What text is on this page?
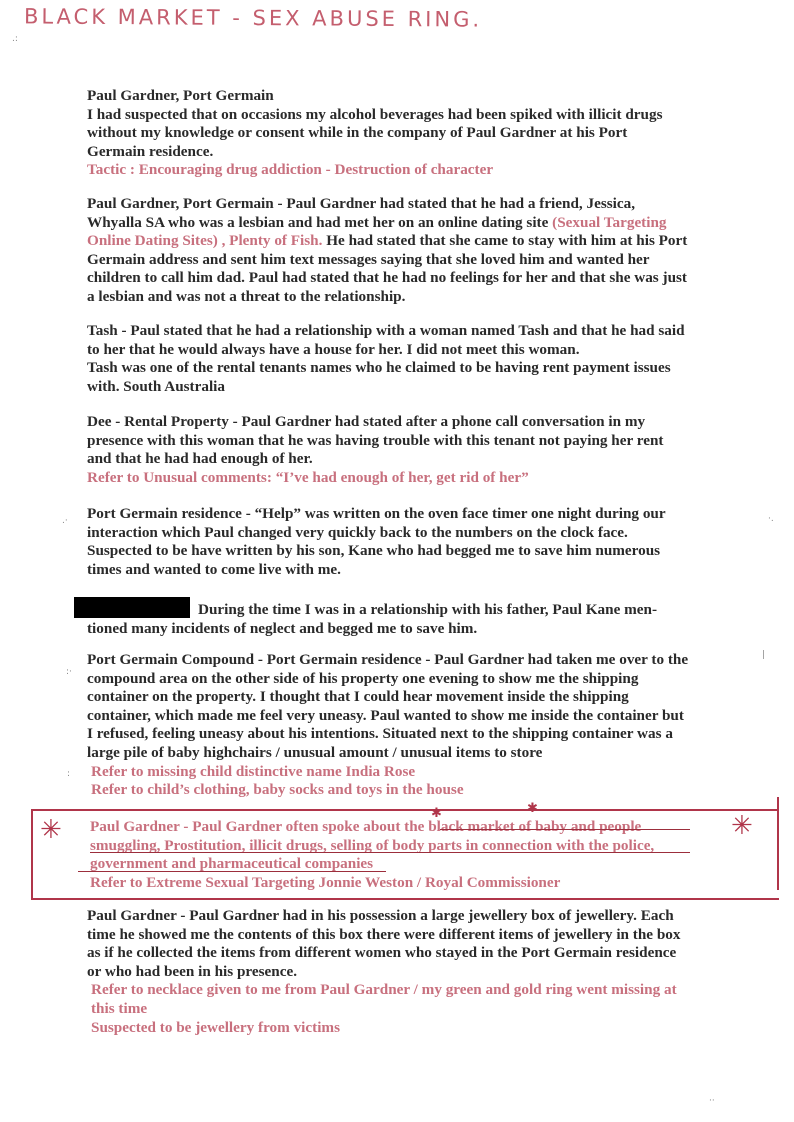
BLACK MARKET - SEX ABUSE RING.
Paul Gardner, Port Germain
I had suspected that on occasions my alcohol beverages had been spiked with illicit drugs
without my knowledge or consent while in the company of Paul Gardner at his Port
Germain residence.
Tactic : Encouraging drug addiction - Destruction of character
Paul Gardner, Port Germain - Paul Gardner had stated that he had a friend, Jessica,
Whyalla SA who was a lesbian and had met her on an online dating site (Sexual Targeting
Online Dating Sites) , Plenty of Fish. He had stated that she came to stay with him at his Port
Germain address and sent him text messages saying that she loved him and wanted her
children to call him dad. Paul had stated that he had no feelings for her and that she was just
a lesbian and was not a threat to the relationship.
Tash - Paul stated that he had a relationship with a woman named Tash and that he had said
to her that he would always have a house for her. I did not meet this woman.
Tash was one of the rental tenants names who he claimed to be having rent payment issues
with. South Australia
Dee - Rental Property - Paul Gardner had stated after a phone call conversation in my
presence with this woman that he was having trouble with this tenant not paying her rent
and that he had had enough of her.
Refer to Unusual comments: “I’ve had enough of her, get rid of her”
Port Germain residence - “Help” was written on the oven face timer one night during our
interaction which Paul changed very quickly back to the numbers on the clock face.
Suspected to be have written by his son, Kane who had begged me to save him numerous
times and wanted to come live with me.
During the time I was in a relationship with his father, Paul Kane men-
tioned many incidents of neglect and begged me to save him.
Port Germain Compound - Port Germain residence - Paul Gardner had taken me over to the
compound area on the other side of his property one evening to show me the shipping
container on the property. I thought that I could hear movement inside the shipping
container, which made me feel very uneasy. Paul wanted to show me inside the container but
I refused, feeling uneasy about his intentions. Situated next to the shipping container was a
large pile of baby highchairs / unusual amount / unusual items to store
Refer to missing child distinctive name India Rose
Refer to child’s clothing, baby socks and toys in the house
Paul Gardner - Paul Gardner often spoke about the black market of baby and people
smuggling, Prostitution, illicit drugs, selling of body parts in connection with the police,
government and pharmaceutical companies
Refer to Extreme Sexual Targeting Jonnie Weston / Royal Commissioner
✳	✳
✱	✱
Paul Gardner - Paul Gardner had in his possession a large jewellery box of jewellery. Each
time he showed me the contents of this box there were different items of jewellery in the box
as if he collected the items from different women who stayed in the Port Germain residence
or who had been in his presence.
Refer to necklace given to me from Paul Gardner / my green and gold ring went missing at
this time
Suspected to be jewellery from victims
.:
.·
:·
:
·.
|
··
